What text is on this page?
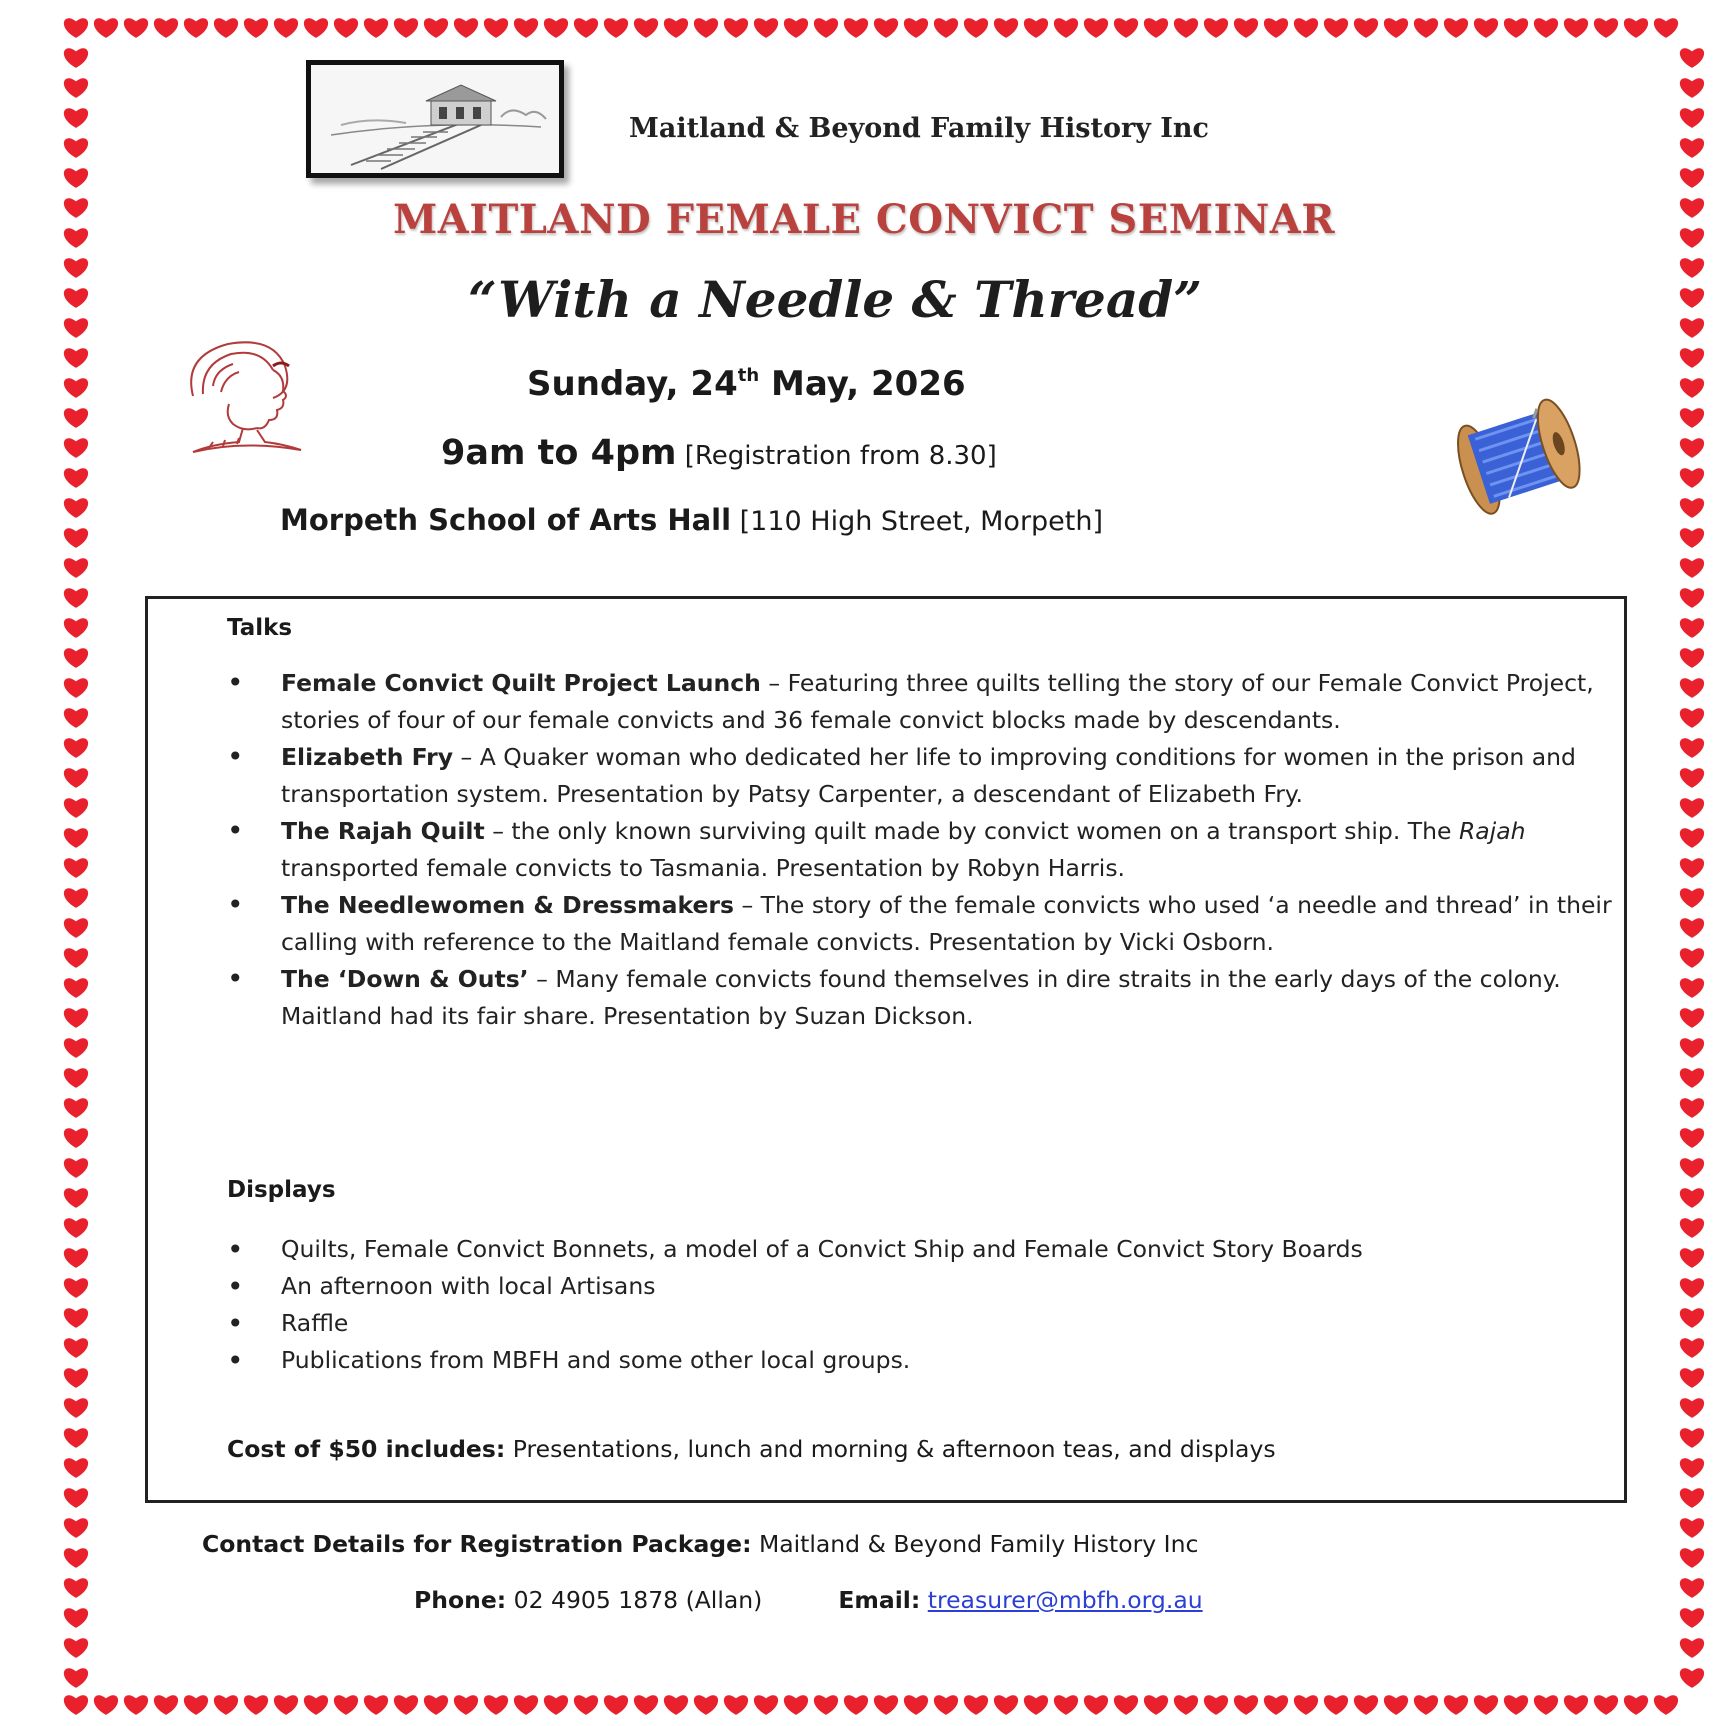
Maitland & Beyond Family History Inc

MAITLAND FEMALE CONVICT SEMINAR

“With a Needle & Thread”

Sunday, 24th May, 2026

9am to 4pm [Registration from 8.30]

Morpeth School of Arts Hall [110 High Street, Morpeth]

Talks

• Female Convict Quilt Project Launch – Featuring three quilts telling the story of our Female Convict Project, stories of four of our female convicts and 36 female convict blocks made by descendants.
• Elizabeth Fry – A Quaker woman who dedicated her life to improving conditions for women in the prison and transportation system. Presentation by Patsy Carpenter, a descendant of Elizabeth Fry.
• The Rajah Quilt – the only known surviving quilt made by convict women on a transport ship. The Rajah transported female convicts to Tasmania. Presentation by Robyn Harris.
• The Needlewomen & Dressmakers – The story of the female convicts who used ‘a needle and thread’ in their calling with reference to the Maitland female convicts. Presentation by Vicki Osborn.
• The ‘Down & Outs’ – Many female convicts found themselves in dire straits in the early days of the colony. Maitland had its fair share. Presentation by Suzan Dickson.

Displays

• Quilts, Female Convict Bonnets, a model of a Convict Ship and Female Convict Story Boards
• An afternoon with local Artisans
• Raffle
• Publications from MBFH and some other local groups.

Cost of $50 includes: Presentations, lunch and morning & afternoon teas, and displays

Contact Details for Registration Package: Maitland & Beyond Family History Inc

Phone: 02 4905 1878 (Allan)	Email: treasurer@mbfh.org.au
